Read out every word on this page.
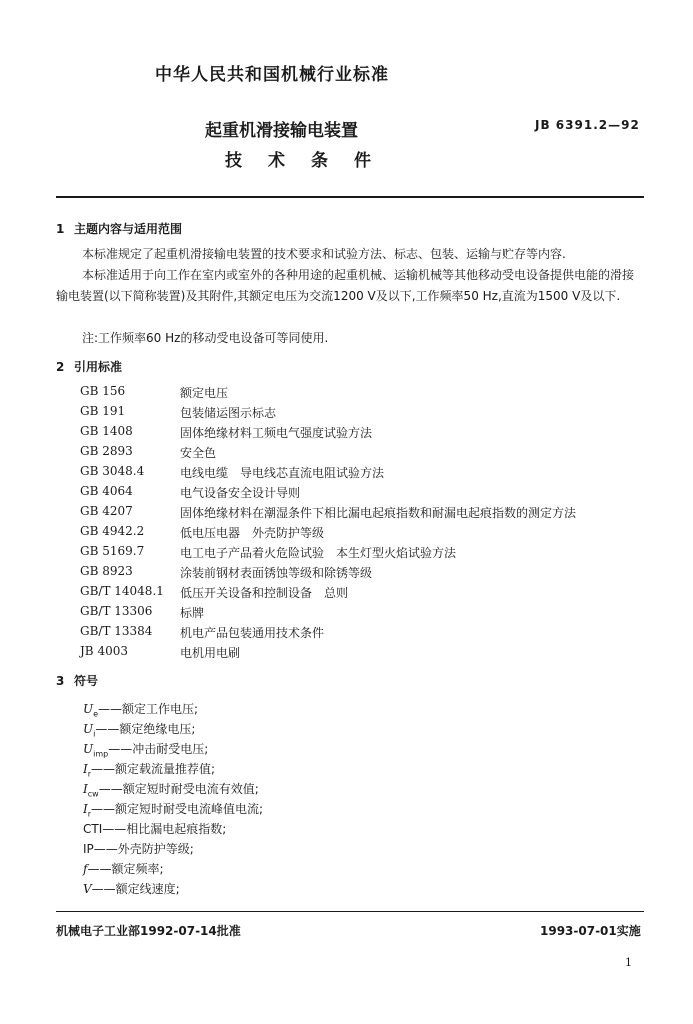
中华人民共和国机械行业标准
起重机滑接输电装置
技术条件
JB 6391.2—92
1 主题内容与适用范围
本标准规定了起重机滑接输电装置的技术要求和试验方法、标志、包装、运输与贮存等内容.
本标准适用于向工作在室内或室外的各种用途的起重机械、运输机械等其他移动受电设备提供电能的滑接输电装置(以下简称装置)及其附件,其额定电压为交流1200 V及以下,工作频率50 Hz,直流为1500 V及以下.
注:工作频率60 Hz的移动受电设备可等同使用.
2 引用标准
GB 156	额定电压
GB 191	包装储运图示标志
GB 1408	固体绝缘材料工频电气强度试验方法
GB 2893	安全色
GB 3048.4	电线电缆　导电线芯直流电阻试验方法
GB 4064	电气设备安全设计导则
GB 4207	固体绝缘材料在潮湿条件下相比漏电起痕指数和耐漏电起痕指数的测定方法
GB 4942.2	低电压电器　外壳防护等级
GB 5169.7	电工电子产品着火危险试验　本生灯型火焰试验方法
GB 8923	涂装前钢材表面锈蚀等级和除锈等级
GB/T 14048.1 低压开关设备和控制设备　总则
GB/T 13306 标牌
GB/T 13384 机电产品包装通用技术条件
JB 4003	电机用电刷
3 符号
$U_e——$额定工作电压;
$U_i——$额定绝缘电压;
$U_{imp}——$冲击耐受电压;
$I_r——$额定载流量推荐值;
$I_{cw}——$额定短时耐受电流有效值;
$I_r——$额定短时耐受电流峰值电流;
CTI——相比漏电起痕指数;
IP——外壳防护等级;
f——额定频率;
V——额定线速度;
机械电子工业部1992-07-14批准	1993-07-01实施
1
